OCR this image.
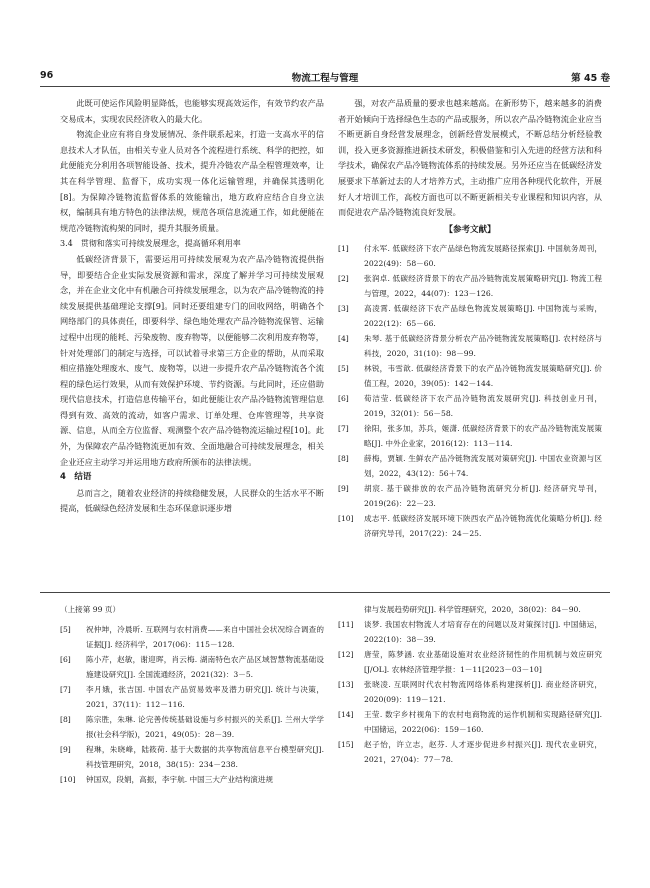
96	物流工程与管理	第 45 卷

此既可使运作风险明显降低，也能够实现高效运作，有效节约农产品交易成本，实现农民经济收入的最大化。

物流企业应有将自身发展情况、条件联系起来，打造一支高水平的信息技术人才队伍，由相关专业人员对各个流程进行系统、科学的把控，如此便能充分利用各项智能设备、技术，提升冷链农产品全程管理效率，让其在科学管理、监督下，成功实现一体化运输管理，并确保其透明化[8]。为保障冷链物流监督体系的效能输出，地方政府应结合自身立法权，编制具有地方特色的法律法规，规范各项信息流通工作，如此便能在规范冷链物流构架的同时，提升其服务质量。

3.4　贯彻和落实可持续发展理念，提高循环利用率

低碳经济背景下，需要运用可持续发展观为农产品冷链物流提供指导，即要结合企业实际发展资源和需求，深度了解并学习可持续发展观念，并在企业文化中有机融合可持续发展理念，以为农产品冷链物流的持续发展提供基础理论支撑[9]。同时还要组建专门的回收网络，明确各个网络部门的具体责任，即要科学、绿色地处理农产品冷链物流保管、运输过程中出现的能耗、污染废物、废弃物等，以便能够二次利用废弃物等，针对处理部门的制定与选择，可以试着寻求第三方企业的帮助，从而采取相应措施处理废水、废气、废物等，以进一步提升农产品冷链物流各个流程的绿色运行效果，从而有效保护环境、节约资源。与此同时，还应借助现代信息技术，打造信息传输平台，如此便能让农产品冷链物流管理信息得到有效、高效的流动，如客户需求、订单处理、仓库管理等，共享资源、信息，从而全方位监督、观测整个农产品冷链物流运输过程[10]。此外，为保障农产品冷链物流更加有效、全面地融合可持续发展理念，相关企业还应主动学习并运用地方政府所颁布的法律法规。

4　结语

总而言之，随着农业经济的持续稳健发展，人民群众的生活水平不断提高，低碳绿色经济发展和生态环保意识逐步增

强，对农产品质量的要求也越来越高。在新形势下，越来越多的消费者开始倾向于选择绿色生态的产品或服务，所以农产品冷链物流企业应当不断更新自身经营发展理念，创新经营发展模式，不断总结分析经验教训，投入更多资源推进新技术研发，积极借鉴和引入先进的经营方法和科学技术，确保农产品冷链物流体系的持续发展。另外还应当在低碳经济发展要求下革新过去的人才培养方式，主动推广应用各种现代化软件，开展好人才培训工作，高校方面也可以不断更新相关专业课程和知识内容，从而促进农产品冷链物流良好发展。

【参考文献】
[1] 付永军. 低碳经济下农产品绿色物流发展路径探索[J]. 中国航务周刊，2022(49)：58－60.
[2] 张润卓. 低碳经济背景下的农产品冷链物流发展策略研究[J]. 物流工程与管理，2022，44(07)：123－126.
[3] 高凌霄. 低碳经济下农产品绿色物流发展策略[J]. 中国物流与采购，2022(12)：65－66.
[4] 朱琴. 基于低碳经济背景分析农产品冷链物流发展策略[J]. 农村经济与科技，2020，31(10)：98－99.
[5] 林锐，韦雪歆. 低碳经济背景下的农产品冷链物流发展策略研究[J]. 价值工程，2020，39(05)：142－144.
[6] 荀洁莹. 低碳经济下农产品冷链物流发展研究[J]. 科技创业月刊，2019，32(01)：56－58.
[7] 徐阳，张多加，苏兵，姬潇. 低碳经济背景下的农产品冷链物流发展策略[J]. 中外企业家，2016(12)：113－114.
[8] 薛梅，贾颖. 生鲜农产品冷链物流发展对策研究[J]. 中国农业资源与区划，2022，43(12)：56＋74.
[9] 胡宸. 基于碳排放的农产品冷链物流研究分析[J]. 经济研究导刊，2019(26)：22－23.
[10] 成志平. 低碳经济发展环境下陕西农产品冷链物流优化策略分析[J]. 经济研究导刊，2017(22)：24－25.
（上接第 99 页）
[5] 祝仲坤，冷晨昕. 互联网与农村消费——来自中国社会状况综合调查的证据[J]. 经济科学，2017(06)：115－128.
[6] 陈小芹，赵敏，谢迎晖，肖云梅. 湖南特色农产品区域智慧物流基础设施建设研究[J]. 全国流通经济，2021(32)：3－5.
[7] 李月娥，张吉国. 中国农产品贸易效率及潜力研究[J]. 统计与决策，2021，37(11)：112－116.
[8] 陈宗胜，朱琳. 论完善传统基础设施与乡村振兴的关系[J]. 兰州大学学报(社会科学版)，2021，49(05)：28－39.
[9] 程琳，朱晓峰，陆筱荷. 基于大数据的共享物流信息平台模型研究[J]. 科技管理研究，2018，38(15)：234－238.
[10] 钟国双，段娟，高振，李宇航. 中国三大产业结构演进规
律与发展趋势研究[J]. 科学管理研究，2020，38(02)：84－90.
[11] 谈梦. 我国农村物流人才培育存在的问题以及对策探讨[J]. 中国储运，2022(10)：38－39.
[12] 唐莹，陈梦涵. 农业基础设施对农业经济韧性的作用机制与效应研究[J/OL]. 农林经济管理学报：1－11[2023－03－10]
[13] 张晓凌. 互联网时代农村物流网络体系构建探析[J]. 商业经济研究，2020(09)：119－121.
[14] 王莹. 数字乡村视角下的农村电商物流的运作机制和实现路径研究[J]. 中国储运，2022(06)：159－160.
[15] 赵子怡，许立志，赵芬. 人才逐步促进乡村振兴[J]. 现代农业研究，2021，27(04)：77－78.
